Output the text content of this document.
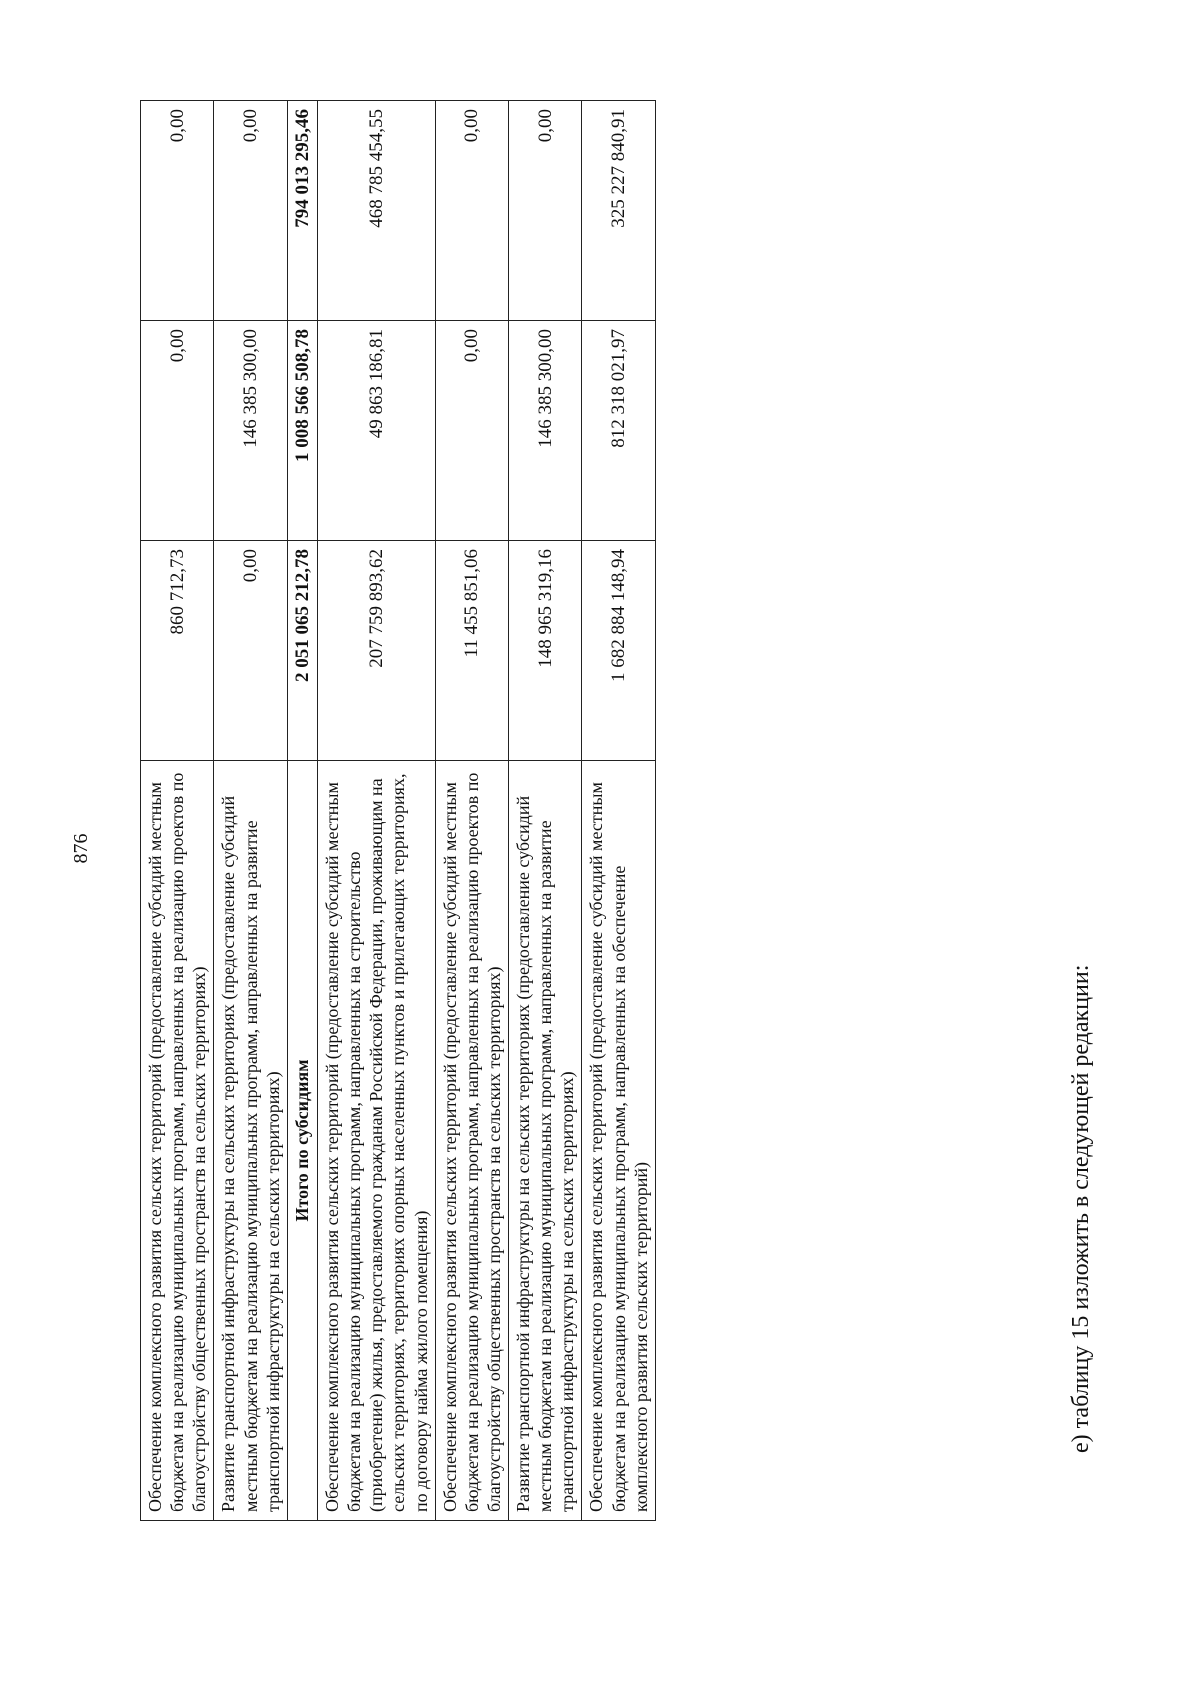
876	Обеспечение комплексного развития сельских территорий (предоставление субсидий местным бюджетам на реализацию муниципальных программ, направленных на реализацию проектов по благоустройству общественных пространств на сельских территориях)	860 712,73	0,00	0,00
Развитие транспортной инфраструктуры на сельских территориях (предоставление субсидий местным бюджетам на реализацию муниципальных программ, направленных на развитие транспортной инфраструктуры на сельских территориях)	0,00	146 385 300,00	0,00
Итого по субсидиям	2 051 065 212,78	1 008 566 508,78	794 013 295,46
Обеспечение комплексного развития сельских территорий (предоставление субсидий местным бюджетам на реализацию муниципальных программ, направленных на строительство (приобретение) жилья, предоставляемого гражданам Российской Федерации, проживающим на сельских территориях, территориях опорных населенных пунктов и прилегающих территориях, по договору найма жилого помещения)	207 759 893,62	49 863 186,81	468 785 454,55
Обеспечение комплексного развития сельских территорий (предоставление субсидий местным бюджетам на реализацию муниципальных программ, направленных на реализацию проектов по благоустройству общественных пространств на сельских территориях)	11 455 851,06	0,00	0,00
Развитие транспортной инфраструктуры на сельских территориях (предоставление субсидий местным бюджетам на реализацию муниципальных программ, направленных на развитие транспортной инфраструктуры на сельских территориях)	148 965 319,16	146 385 300,00	0,00
Обеспечение комплексного развития сельских территорий (предоставление субсидий местным бюджетам на реализацию муниципальных программ, направленных на обеспечение комплексного развития сельских территорий)	1 682 884 148,94	812 318 021,97	325 227 840,91

е) таблицу 15 изложить в следующей редакции:
